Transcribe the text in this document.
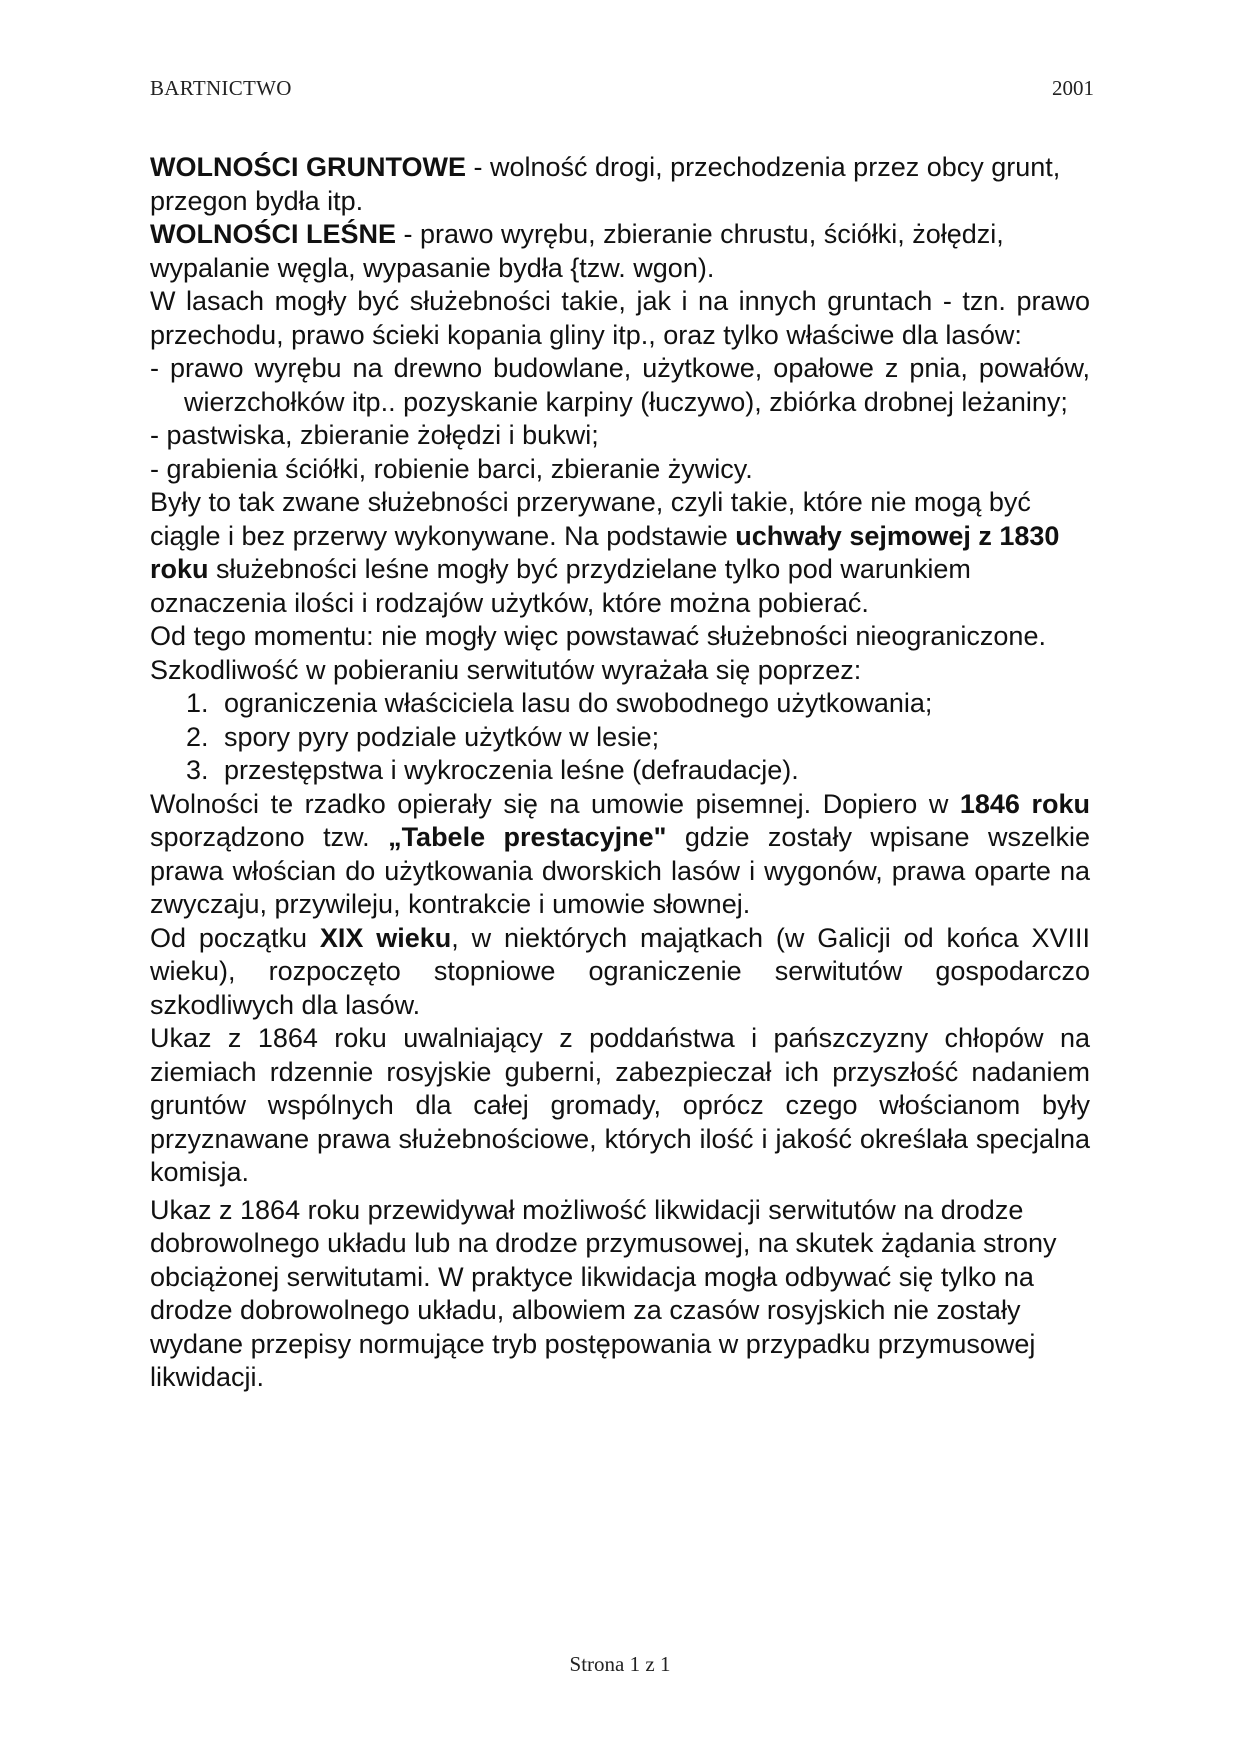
BARTNICTWO	2001

WOLNOŚCI GRUNTOWE - wolność drogi, przechodzenia przez obcy grunt, przegon bydła itp.

WOLNOŚCI LEŚNE - prawo wyrębu, zbieranie chrustu, ściółki, żołędzi, wypalanie węgla, wypasanie bydła {tzw. wgon).

W lasach mogły być służebności takie, jak i na innych gruntach - tzn. prawo przechodu, prawo ścieki kopania gliny itp., oraz tylko właściwe dla lasów:

- prawo wyrębu na drewno budowlane, użytkowe, opałowe z pnia, powałów, wierzchołków itp.. pozyskanie karpiny (łuczywo), zbiórka drobnej leżaniny;
- pastwiska, zbieranie żołędzi i bukwi;
- grabienia ściółki, robienie barci, zbieranie żywicy.

Były to tak zwane służebności przerywane, czyli takie, które nie mogą być ciągle i bez przerwy wykonywane. Na podstawie uchwały sejmowej z 1830 roku służebności leśne mogły być przydzielane tylko pod warunkiem oznaczenia ilości i rodzajów użytków, które można pobierać.

Od tego momentu: nie mogły więc powstawać służebności nieograniczone.

Szkodliwość w pobieraniu serwitutów wyrażała się poprzez:

1. ograniczenia właściciela lasu do swobodnego użytkowania;
2. spory pyry podziale użytków w lesie;
3. przestępstwa i wykroczenia leśne (defraudacje).

Wolności te rzadko opierały się na umowie pisemnej. Dopiero w 1846 roku sporządzono tzw. „Tabele prestacyjne" gdzie zostały wpisane wszelkie prawa włościan do użytkowania dworskich lasów i wygonów, prawa oparte na zwyczaju, przywileju, kontrakcie i umowie słownej.

Od początku XIX wieku, w niektórych majątkach (w Galicji od końca XVIII wieku), rozpoczęto stopniowe ograniczenie serwitutów gospodarczo szkodliwych dla lasów.

Ukaz z 1864 roku uwalniający z poddaństwa i pańszczyzny chłopów na ziemiach rdzennie rosyjskie guberni, zabezpieczał ich przyszłość nadaniem gruntów wspólnych dla całej gromady, oprócz czego włościanom były przyznawane prawa służebnościowe, których ilość i jakość określała specjalna komisja.

Ukaz z 1864 roku przewidywał możliwość likwidacji serwitutów na drodze dobrowolnego układu lub na drodze przymusowej, na skutek żądania strony obciążonej serwitutami. W praktyce likwidacja mogła odbywać się tylko na drodze dobrowolnego układu, albowiem za czasów rosyjskich nie zostały wydane przepisy normujące tryb postępowania w przypadku przymusowej likwidacji.

Strona 1 z 1
